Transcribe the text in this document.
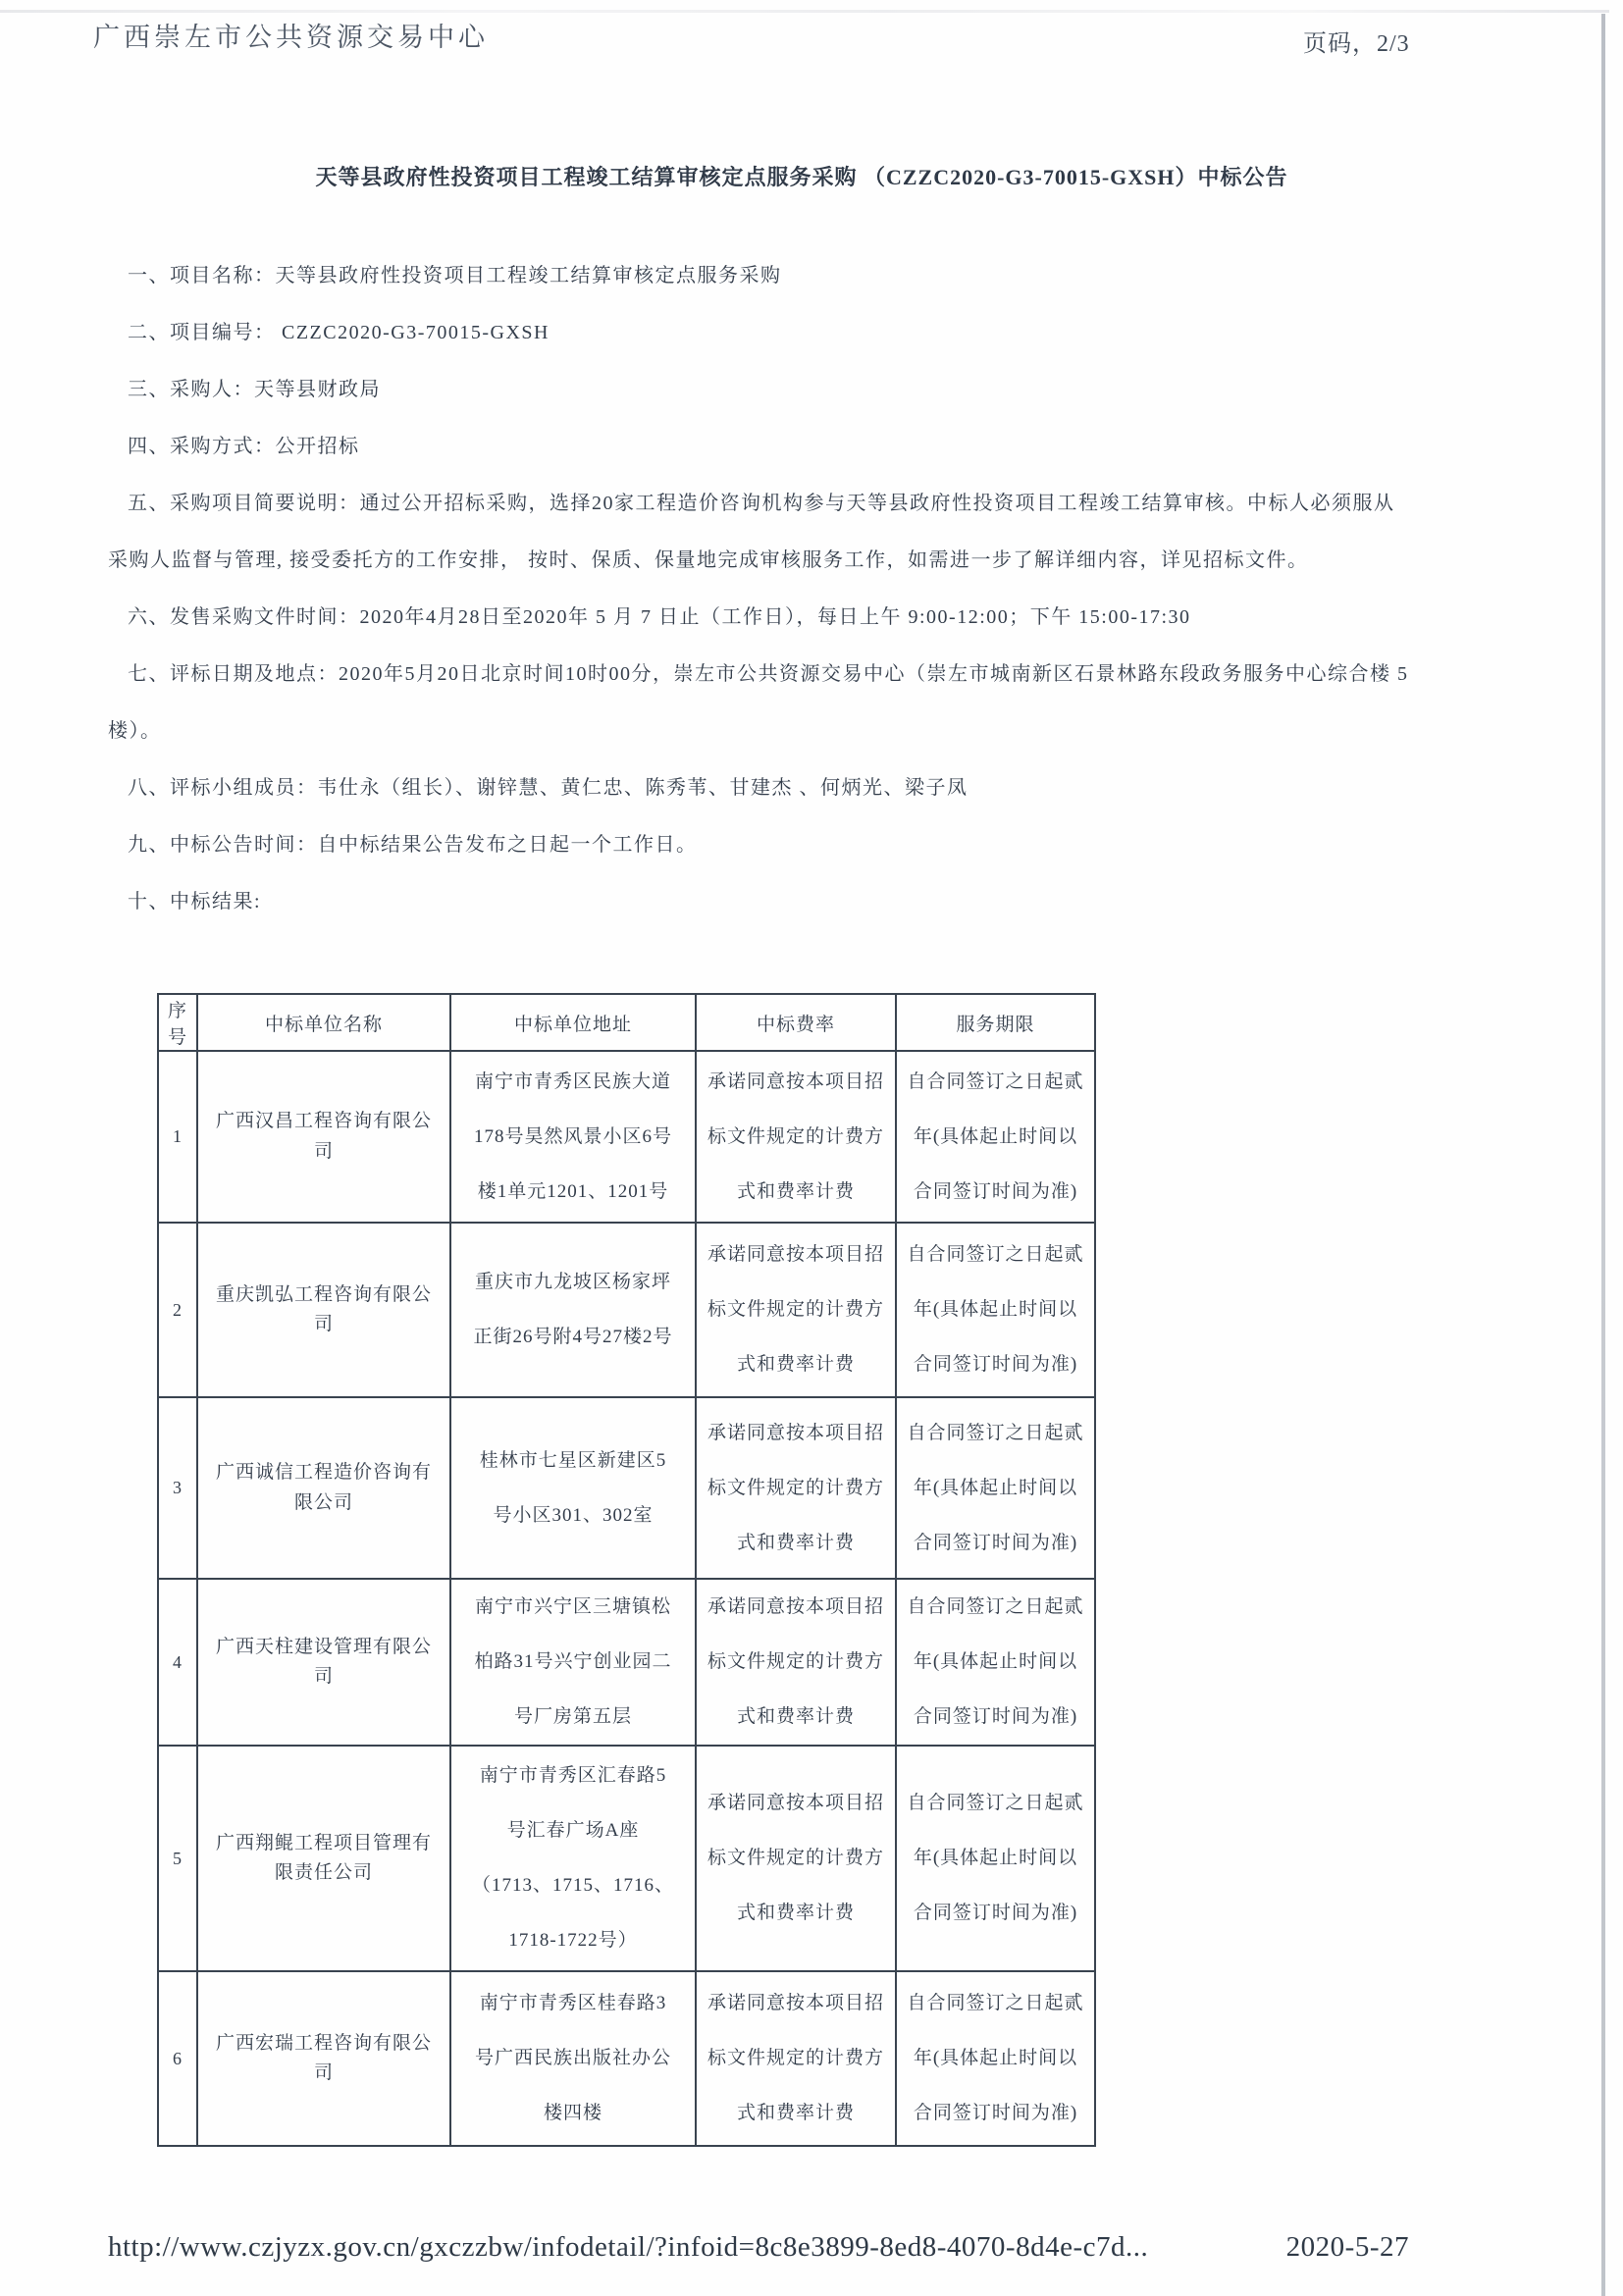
广西崇左市公共资源交易中心	页码，2/3
天等县政府性投资项目工程竣工结算审核定点服务采购 （CZZC2020-G3-70015-GXSH）中标公告

一、项目名称：天等县政府性投资项目工程竣工结算审核定点服务采购

二、项目编号： CZZC2020-G3-70015-GXSH

三、采购人：天等县财政局

四、采购方式：公开招标

五、采购项目简要说明：通过公开招标采购，选择20家工程造价咨询机构参与天等县政府性投资项目工程竣工结算审核。中标人必须服从采购人监督与管理, 接受委托方的工作安排， 按时、保质、保量地完成审核服务工作，如需进一步了解详细内容，详见招标文件。

六、发售采购文件时间：2020年4月28日至2020年 5 月 7 日止（工作日），每日上午 9:00-12:00；下午 15:00-17:30

七、评标日期及地点：2020年5月20日北京时间10时00分，崇左市公共资源交易中心（崇左市城南新区石景林路东段政务服务中心综合楼 5 楼）。

八、评标小组成员：韦仕永（组长）、谢锌慧、黄仁忠、陈秀苇、甘建杰 、何炳光、梁子凤

九、中标公告时间：自中标结果公告发布之日起一个工作日。

十、中标结果:

序号	中标单位名称	中标单位地址	中标费率	服务期限
1	广西汉昌工程咨询有限公司	南宁市青秀区民族大道178号昊然风景小区6号楼1单元1201、1201号	承诺同意按本项目招标文件规定的计费方式和费率计费	自合同签订之日起贰年(具体起止时间以合同签订时间为准)
2	重庆凯弘工程咨询有限公司	重庆市九龙坡区杨家坪正街26号附4号27楼2号	承诺同意按本项目招标文件规定的计费方式和费率计费	自合同签订之日起贰年(具体起止时间以合同签订时间为准)
3	广西诚信工程造价咨询有限公司	桂林市七星区新建区5号小区301、302室	承诺同意按本项目招标文件规定的计费方式和费率计费	自合同签订之日起贰年(具体起止时间以合同签订时间为准)
4	广西天柱建设管理有限公司	南宁市兴宁区三塘镇松柏路31号兴宁创业园二号厂房第五层	承诺同意按本项目招标文件规定的计费方式和费率计费	自合同签订之日起贰年(具体起止时间以合同签订时间为准)
5	广西翔鲲工程项目管理有限责任公司	南宁市青秀区汇春路5号汇春广场A座（1713、1715、1716、1718-1722号）	承诺同意按本项目招标文件规定的计费方式和费率计费	自合同签订之日起贰年(具体起止时间以合同签订时间为准)
6	广西宏瑞工程咨询有限公司	南宁市青秀区桂春路3号广西民族出版社办公楼四楼	承诺同意按本项目招标文件规定的计费方式和费率计费	自合同签订之日起贰年(具体起止时间以合同签订时间为准)
http://www.czjyzx.gov.cn/gxczzbw/infodetail/?infoid=8c8e3899-8ed8-4070-8d4e-c7d...	2020-5-27
